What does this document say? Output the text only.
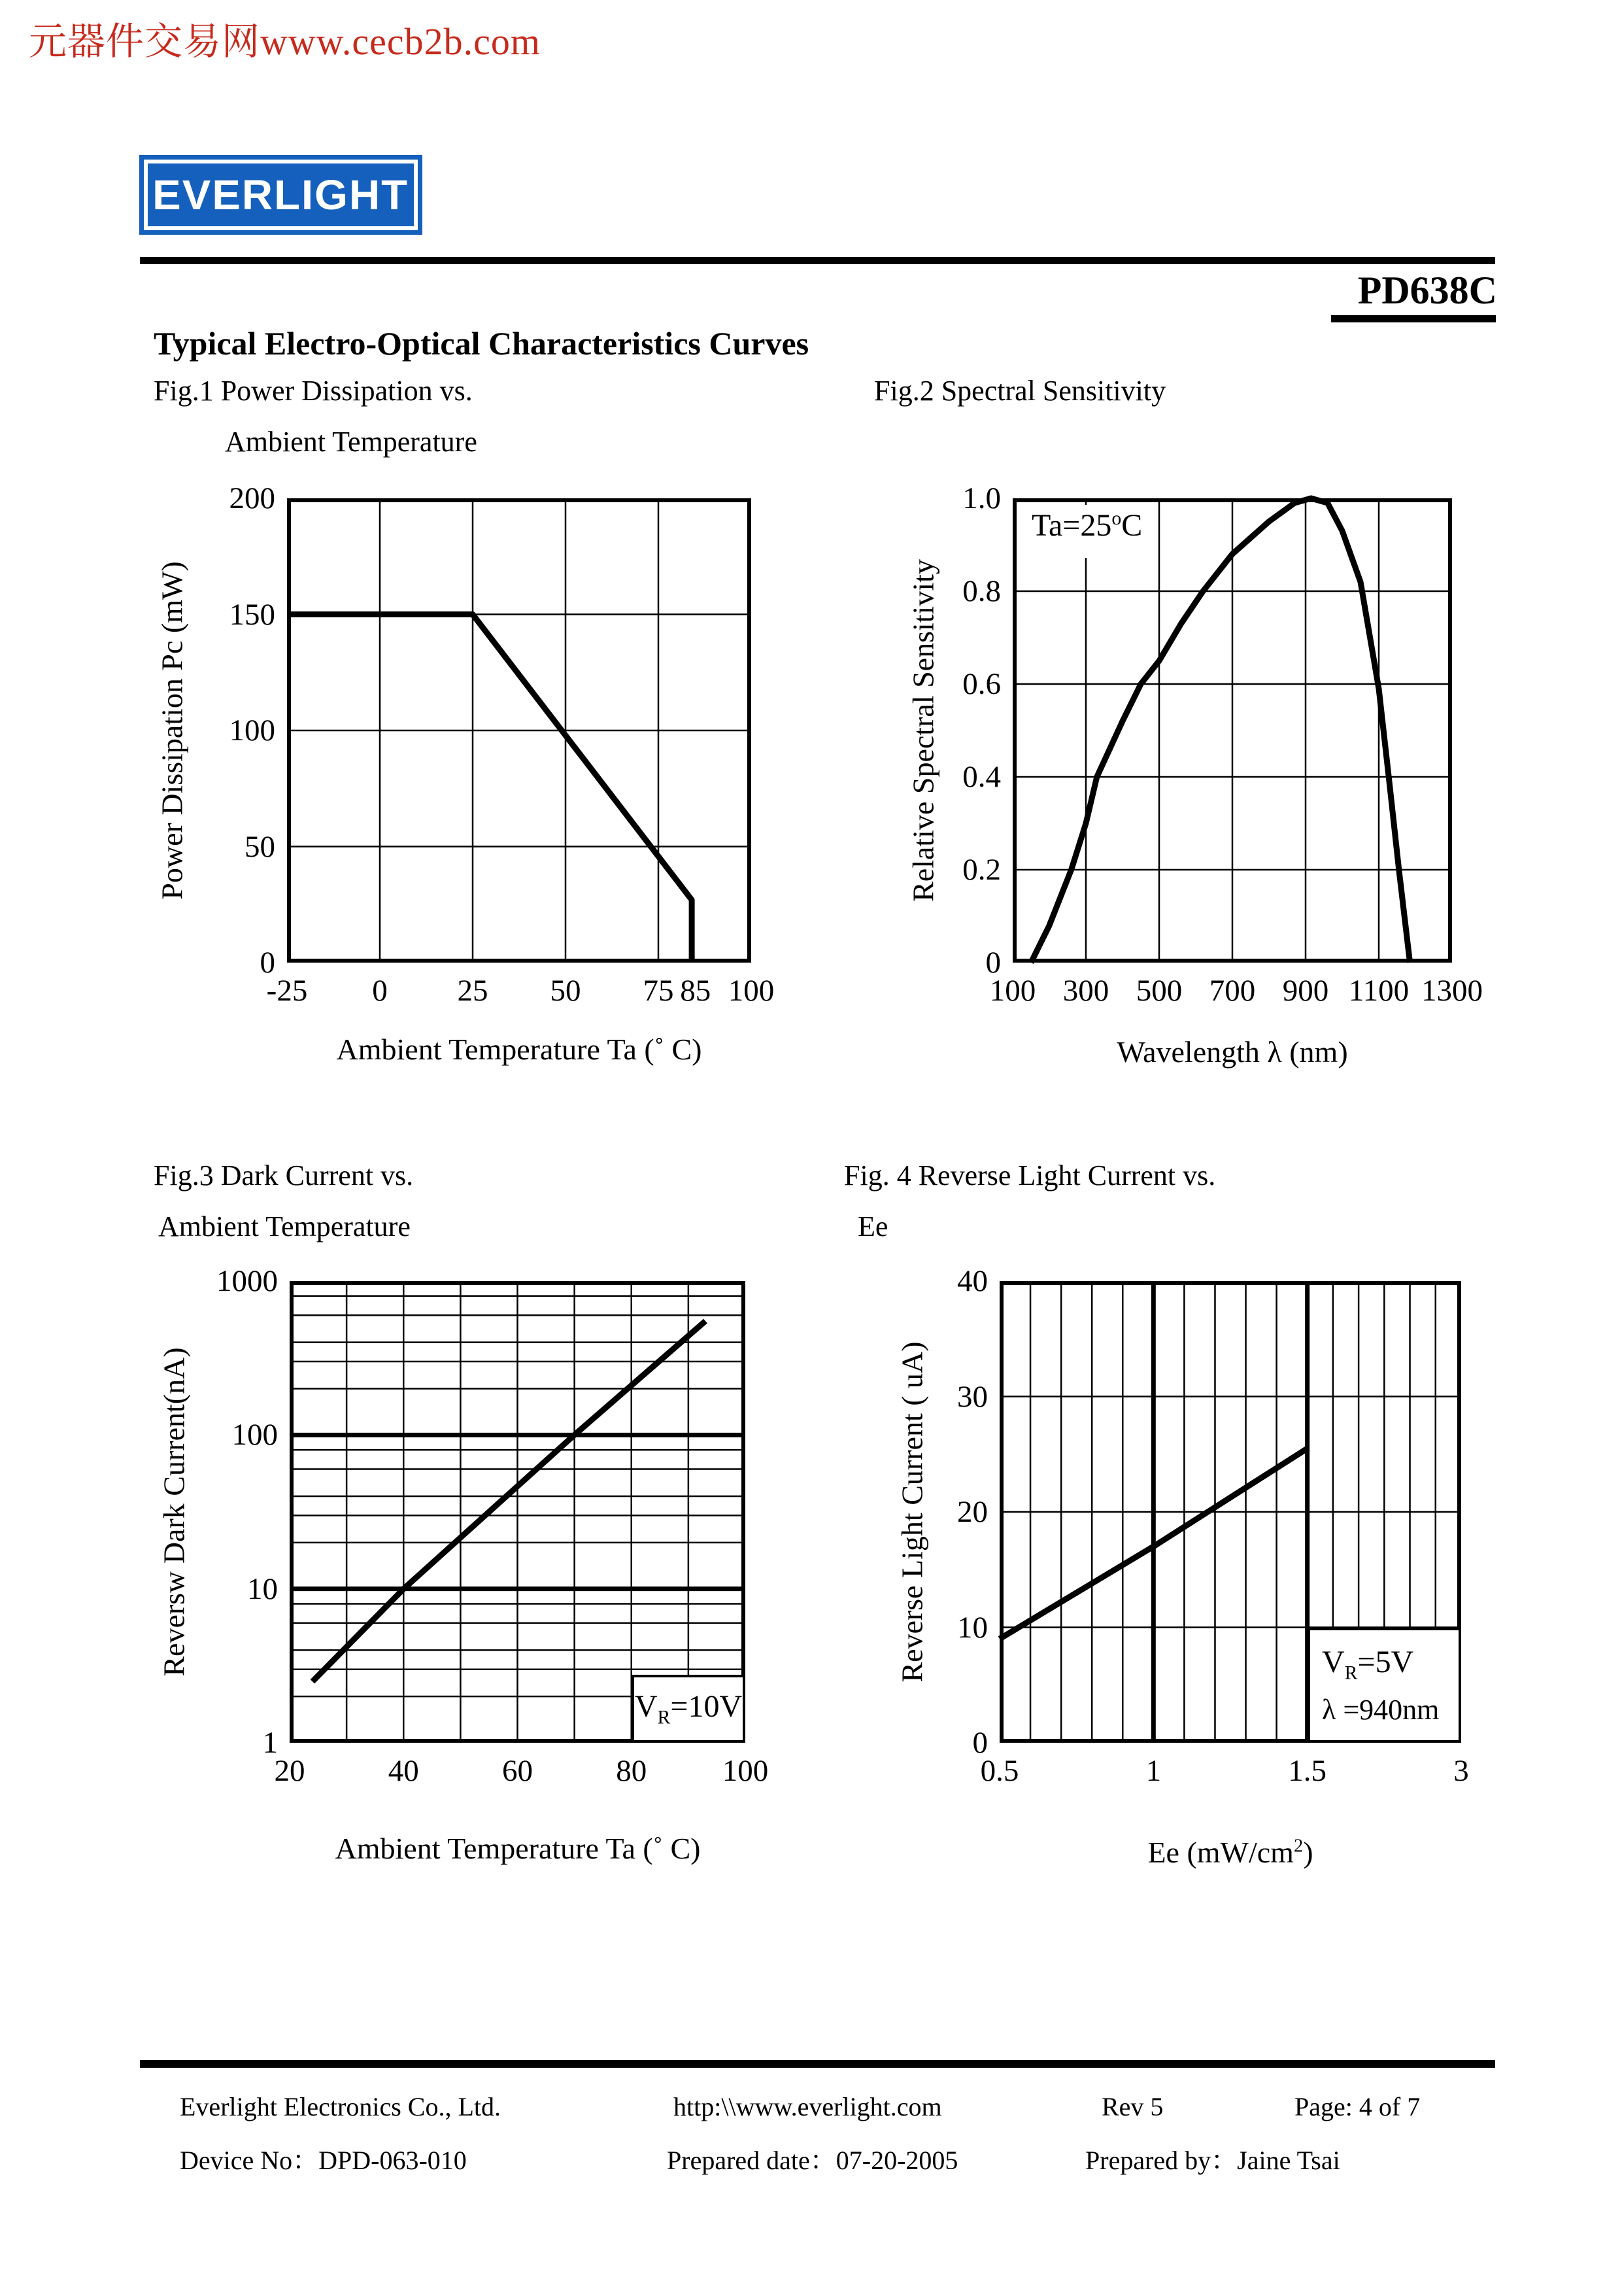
元器件交易网www.cecb2b.com
EVERLIGHT
PD638C
Typical Electro-Optical Characteristics Curves
Fig.1 Power Dissipation vs.
Ambient Temperature
Fig.2 Spectral Sensitivity
Fig.3 Dark Current vs.
Ambient Temperature
Fig. 4 Reverse Light Current vs.
Ee
Ambient Temperature Ta (˚ C)
Power Dissipation Pc (mW)
Wavelength λ (nm)
Relative Spectral Sensitivity
Ambient Temperature Ta (˚ C)
Reversw Dark Current(nA)
Ee $(mW/cm^2)$
Reverse Light Current ( uA)
$Ta=25^oC$
$V_R=10V$
$V_R=5V$
λ =940nm
Everlight Electronics Co., Ltd.	http:\\www.everlight.com	Rev 5	Page: 4 of 7
Device No：DPD-063-010	Prepared date：07-20-2005	Prepared by：Jaine Tsai
-25 0 25 50 75 85 100
200
150
100
50
0
100 300 500 700 900 1100 1300
1.0
0.8
0.6
0.4
0.2
0
20	40	60	80 100
1000
100
10
1
0.5	1	1.5	3
40
30
20
10
0
